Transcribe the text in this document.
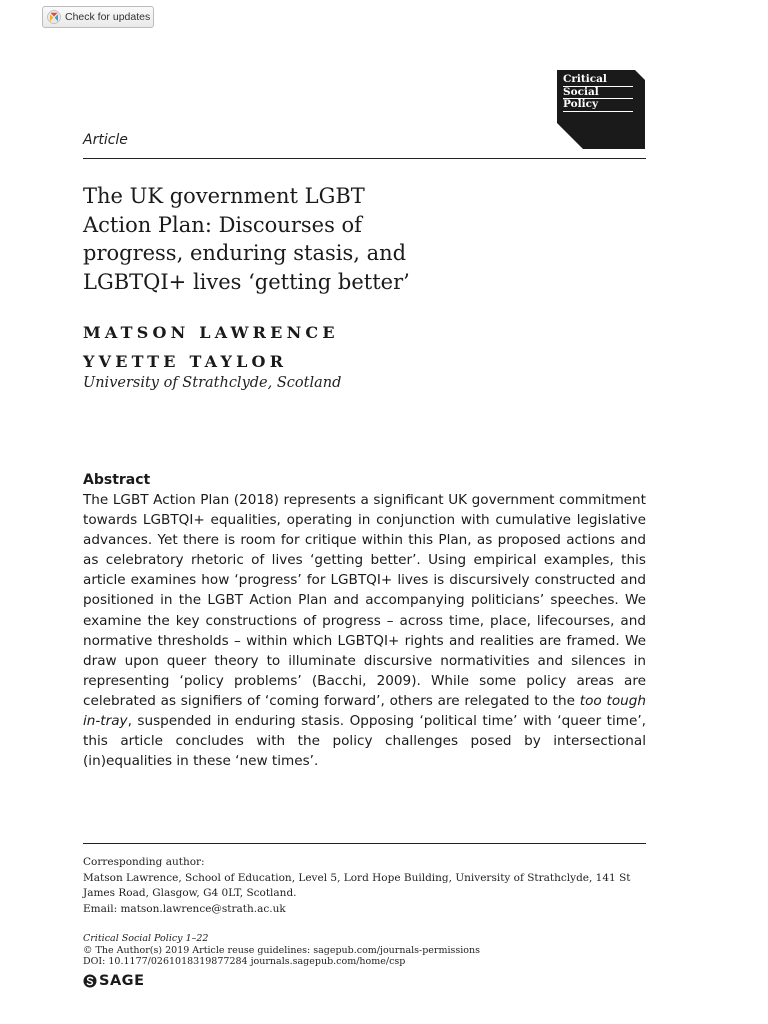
Check for updates
Critical
Social
Policy
Article
The UK government LGBT
Action Plan: Discourses of
progress, enduring stasis, and
LGBTQI+ lives ‘getting better’
MATSON LAWRENCE
YVETTE TAYLOR
University of Strathclyde, Scotland
Abstract

The LGBT Action Plan (2018) represents a significant UK government commitment towards LGBTQI+ equalities, operating in conjunction with cumulative legislative advances. Yet there is room for critique within this Plan, as proposed actions and as celebratory rhetoric of lives ‘getting better’. Using empirical examples, this article examines how ‘progress’ for LGBTQI+ lives is discursively constructed and positioned in the LGBT Action Plan and accompanying politicians’ speeches. We examine the key constructions of progress – across time, place, lifecourses, and normative thresholds – within which LGBTQI+ rights and realities are framed. We draw upon queer theory to illuminate discursive normativities and silences in representing ‘policy problems’ (Bacchi, 2009). While some policy areas are celebrated as signifiers of ‘coming forward’, others are relegated to the too tough in-tray, suspended in enduring stasis. Opposing ‘political time’ with ‘queer time’, this article concludes with the policy challenges posed by intersectional (in)equalities in these ‘new times’.

Corresponding author:
Matson Lawrence, School of Education, Level 5, Lord Hope Building, University of Strathclyde, 141 St James Road, Glasgow, G4 0LT, Scotland.
Email: matson.lawrence@strath.ac.uk
Critical Social Policy 1–22
© The Author(s) 2019 Article reuse guidelines: sagepub.com/journals-permissions
DOI: 10.1177/0261018319877284 journals.sagepub.com/home/csp
SAGE
